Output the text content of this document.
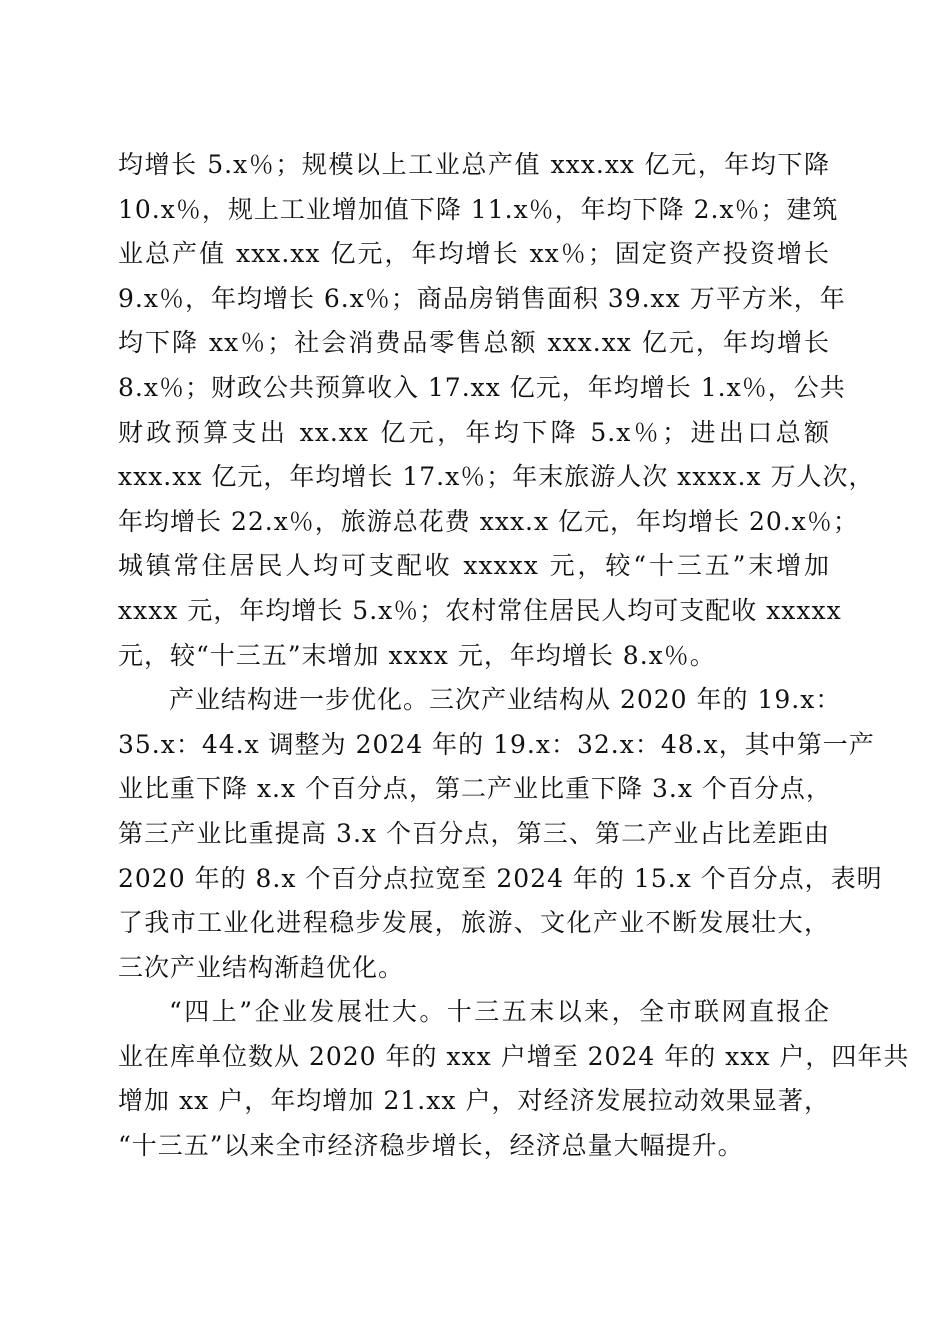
均增长 5.x％；规模以上工业总产值 xxx.xx 亿元，年均下降
10.x％，规上工业增加值下降 11.x％，年均下降 2.x％；建筑
业总产值 xxx.xx 亿元，年均增长 xx％；固定资产投资增长
9.x％，年均增长 6.x％；商品房销售面积 39.xx 万平方米，年
均下降 xx％；社会消费品零售总额 xxx.xx 亿元，年均增长
8.x％；财政公共预算收入 17.xx 亿元，年均增长 1.x％，公共
财政预算支出 xx.xx 亿元，年均下降 5.x％；进出口总额
xxx.xx 亿元，年均增长 17.x％；年末旅游人次 xxxx.x 万人次，
年均增长 22.x％，旅游总花费 xxx.x 亿元，年均增长 20.x％；
城镇常住居民人均可支配收 xxxxx 元，较“十三五”末增加
xxxx 元，年均增长 5.x％；农村常住居民人均可支配收 xxxxx
元，较“十三五”末增加 xxxx 元，年均增长 8.x％。
产业结构进一步优化。三次产业结构从 2020 年的 19.x：
35.x：44.x 调整为 2024 年的 19.x：32.x：48.x，其中第一产
业比重下降 x.x 个百分点，第二产业比重下降 3.x 个百分点，
第三产业比重提高 3.x 个百分点，第三、第二产业占比差距由
2020 年的 8.x 个百分点拉宽至 2024 年的 15.x 个百分点，表明
了我市工业化进程稳步发展，旅游、文化产业不断发展壮大，
三次产业结构渐趋优化。
“四上”企业发展壮大。十三五末以来，全市联网直报企
业在库单位数从 2020 年的 xxx 户增至 2024 年的 xxx 户，四年共
增加 xx 户，年均增加 21.xx 户，对经济发展拉动效果显著，
“十三五”以来全市经济稳步增长，经济总量大幅提升。
